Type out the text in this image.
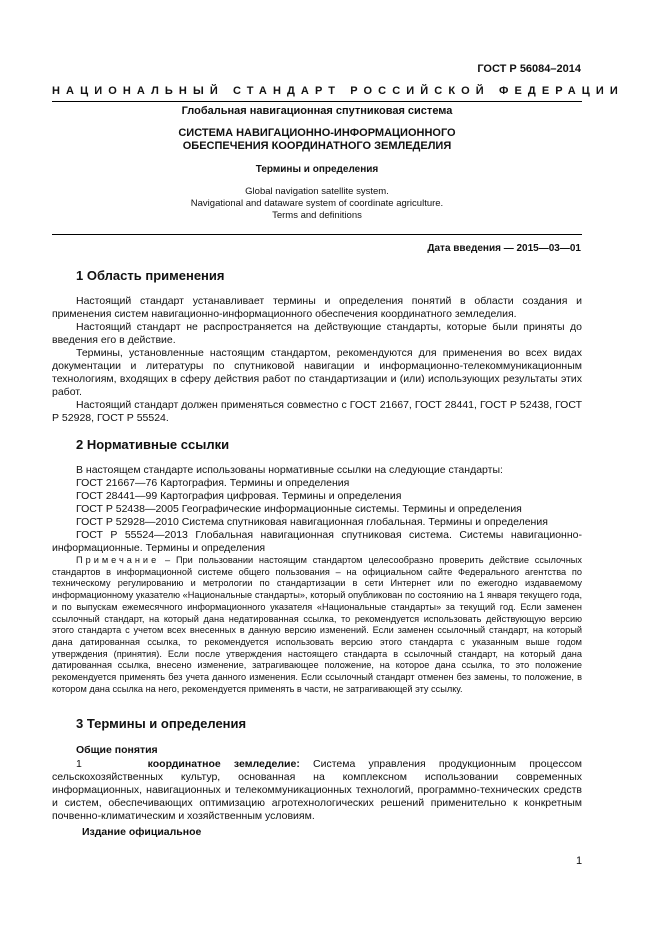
ГОСТ Р 56084–2014
НАЦИОНАЛЬНЫЙ СТАНДАРТ РОССИЙСКОЙ ФЕДЕРАЦИИ
Глобальная навигационная спутниковая система
СИСТЕМА НАВИГАЦИОННО-ИНФОРМАЦИОННОГО
ОБЕСПЕЧЕНИЯ КООРДИНАТНОГО ЗЕМЛЕДЕЛИЯ
Термины и определения
Global navigation satellite system.
Navigational and dataware system of coordinate agriculture.
Terms and definitions
Дата введения — 2015—03—01
1 Область применения

Настоящий стандарт устанавливает термины и определения понятий в области создания и применения систем навигационно-информационного обеспечения координатного земледелия.

Настоящий стандарт не распространяется на действующие стандарты, которые были приняты до введения его в действие.

Термины, установленные настоящим стандартом, рекомендуются для применения во всех видах документации и литературы по спутниковой навигации и информационно-телекоммуникационным технологиям, входящих в сферу действия работ по стандартизации и (или) использующих результаты этих работ.

Настоящий стандарт должен применяться совместно с ГОСТ 21667, ГОСТ 28441, ГОСТ Р 52438, ГОСТ Р 52928, ГОСТ Р 55524.

2 Нормативные ссылки

В настоящем стандарте использованы нормативные ссылки на следующие стандарты:

ГОСТ 21667—76 Картография. Термины и определения
ГОСТ 28441—99 Картография цифровая. Термины и определения
ГОСТ Р 52438—2005 Географические информационные системы. Термины и определения
ГОСТ Р 52928—2010 Система спутниковая навигационная глобальная. Термины и определения
ГОСТ Р 55524—2013 Глобальная навигационная спутниковая система. Системы навигационно-информационные. Термины и определения

Примечание – При пользовании настоящим стандартом целесообразно проверить действие ссылочных стандартов в информационной системе общего пользования – на официальном сайте Федерального агентства по техническому регулированию и метрологии по стандартизации в сети Интернет или по ежегодно издаваемому информационному указателю «Национальные стандарты», который опубликован по состоянию на 1 января текущего года, и по выпускам ежемесячного информационного указателя «Национальные стандарты» за текущий год. Если заменен ссылочный стандарт, на который дана недатированная ссылка, то рекомендуется использовать действующую версию этого стандарта с учетом всех внесенных в данную версию изменений. Если заменен ссылочный стандарт, на который дана датированная ссылка, то рекомендуется использовать версию этого стандарта с указанным выше годом утверждения (принятия). Если после утверждения настоящего стандарта в ссылочный стандарт, на который дана датированная ссылка, внесено изменение, затрагивающее положение, на которое дана ссылка, то это положение рекомендуется применять без учета данного изменения. Если ссылочный стандарт отменен без замены, то положение, в котором дана ссылка на него, рекомендуется применять в части, не затрагивающей эту ссылку.

3 Термины и определения
Общие понятия

1	координатное земледелие: Система управления продукционным процессом сельскохозяйственных культур, основанная на комплексном использовании современных информационных, навигационных и телекоммуникационных технологий, программно-технических средств и систем, обеспечивающих оптимизацию агротехнологических решений применительно к конкретным почвенно-климатическим и хозяйственным условиям.

Издание официальное
1
